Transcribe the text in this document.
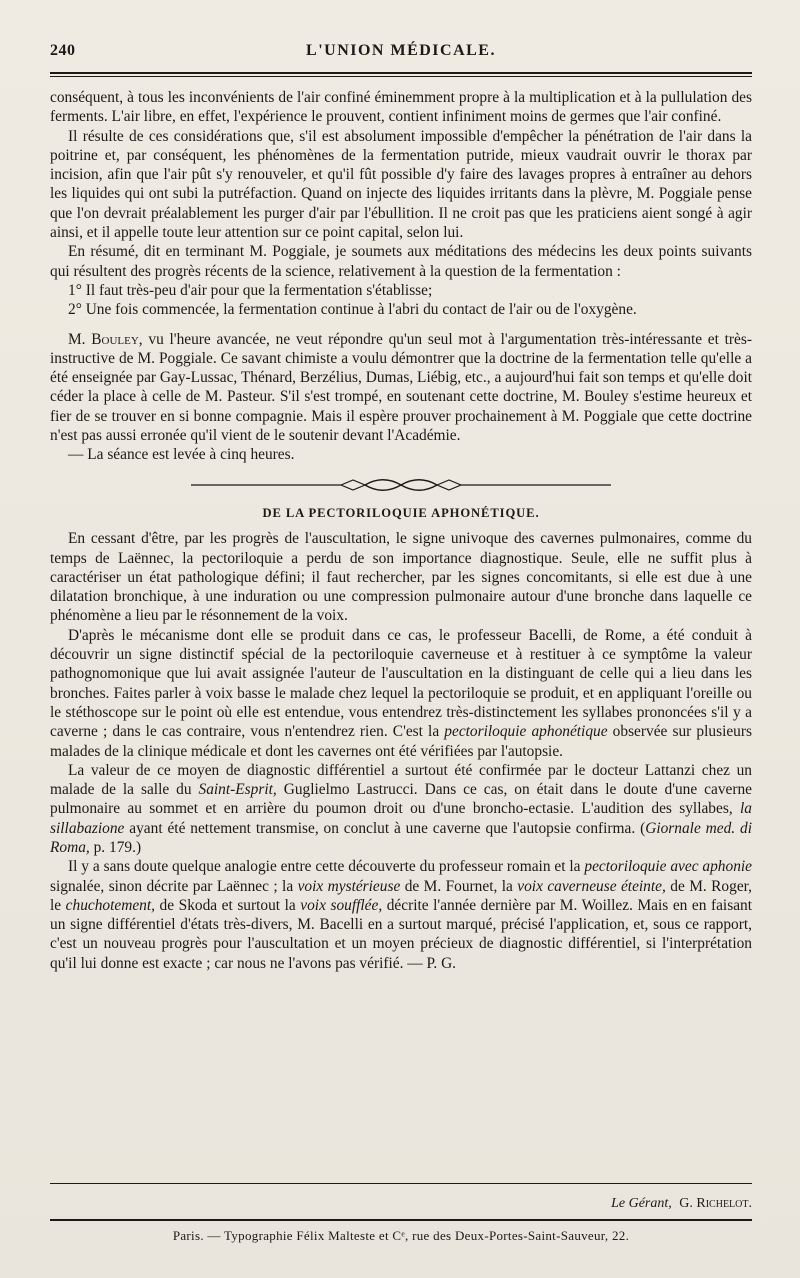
240	L'UNION MÉDICALE.

conséquent, à tous les inconvénients de l'air confiné éminemment propre à la multiplication et à la pullulation des ferments. L'air libre, en effet, l'expérience le prouvent, contient infiniment moins de germes que l'air confiné.

Il résulte de ces considérations que, s'il est absolument impossible d'empêcher la pénétration de l'air dans la poitrine et, par conséquent, les phénomènes de la fermentation putride, mieux vaudrait ouvrir le thorax par incision, afin que l'air pût s'y renouveler, et qu'il fût possible d'y faire des lavages propres à entraîner au dehors les liquides qui ont subi la putréfaction. Quand on injecte des liquides irritants dans la plèvre, M. Poggiale pense que l'on devrait préalablement les purger d'air par l'ébullition. Il ne croit pas que les praticiens aient songé à agir ainsi, et il appelle toute leur attention sur ce point capital, selon lui.

En résumé, dit en terminant M. Poggiale, je soumets aux méditations des médecins les deux points suivants qui résultent des progrès récents de la science, relativement à la question de la fermentation :

1° Il faut très-peu d'air pour que la fermentation s'établisse;

2° Une fois commencée, la fermentation continue à l'abri du contact de l'air ou de l'oxygène.

M. Bouley, vu l'heure avancée, ne veut répondre qu'un seul mot à l'argumentation très-intéressante et très-instructive de M. Poggiale. Ce savant chimiste a voulu démontrer que la doctrine de la fermentation telle qu'elle a été enseignée par Gay-Lussac, Thénard, Berzélius, Dumas, Liébig, etc., a aujourd'hui fait son temps et qu'elle doit céder la place à celle de M. Pasteur. S'il s'est trompé, en soutenant cette doctrine, M. Bouley s'estime heureux et fier de se trouver en si bonne compagnie. Mais il espère prouver prochainement à M. Poggiale que cette doctrine n'est pas aussi erronée qu'il vient de le soutenir devant l'Académie.

— La séance est levée à cinq heures.

DE LA PECTORILOQUIE APHONÉTIQUE.

En cessant d'être, par les progrès de l'auscultation, le signe univoque des cavernes pulmonaires, comme du temps de Laënnec, la pectoriloquie a perdu de son importance diagnostique. Seule, elle ne suffit plus à caractériser un état pathologique défini; il faut rechercher, par les signes concomitants, si elle est due à une dilatation bronchique, à une induration ou une compression pulmonaire autour d'une bronche dans laquelle ce phénomène a lieu par le résonnement de la voix.

D'après le mécanisme dont elle se produit dans ce cas, le professeur Bacelli, de Rome, a été conduit à découvrir un signe distinctif spécial de la pectoriloquie caverneuse et à restituer à ce symptôme la valeur pathognomonique que lui avait assignée l'auteur de l'auscultation en la distinguant de celle qui a lieu dans les bronches. Faites parler à voix basse le malade chez lequel la pectoriloquie se produit, et en appliquant l'oreille ou le stéthoscope sur le point où elle est entendue, vous entendrez très-distinctement les syllabes prononcées s'il y a caverne ; dans le cas contraire, vous n'entendrez rien. C'est la pectoriloquie aphonétique observée sur plusieurs malades de la clinique médicale et dont les cavernes ont été vérifiées par l'autopsie.

La valeur de ce moyen de diagnostic différentiel a surtout été confirmée par le docteur Lattanzi chez un malade de la salle du Saint-Esprit, Guglielmo Lastrucci. Dans ce cas, on était dans le doute d'une caverne pulmonaire au sommet et en arrière du poumon droit ou d'une broncho-ectasie. L'audition des syllabes, la sillabazione ayant été nettement transmise, on conclut à une caverne que l'autopsie confirma. (Giornale med. di Roma, p. 179.)

Il y a sans doute quelque analogie entre cette découverte du professeur romain et la pectoriloquie avec aphonie signalée, sinon décrite par Laënnec ; la voix mystérieuse de M. Fournet, la voix caverneuse éteinte, de M. Roger, le chuchotement, de Skoda et surtout la voix soufflée, décrite l'année dernière par M. Woillez. Mais en en faisant un signe différentiel d'états très-divers, M. Bacelli en a surtout marqué, précisé l'application, et, sous ce rapport, c'est un nouveau progrès pour l'auscultation et un moyen précieux de diagnostic différentiel, si l'interprétation qu'il lui donne est exacte ; car nous ne l'avons pas vérifié. — P. G.

Le Gérant, G. Richelot.
Paris. — Typographie Félix Malteste et Cᵉ, rue des Deux-Portes-Saint-Sauveur, 22.
